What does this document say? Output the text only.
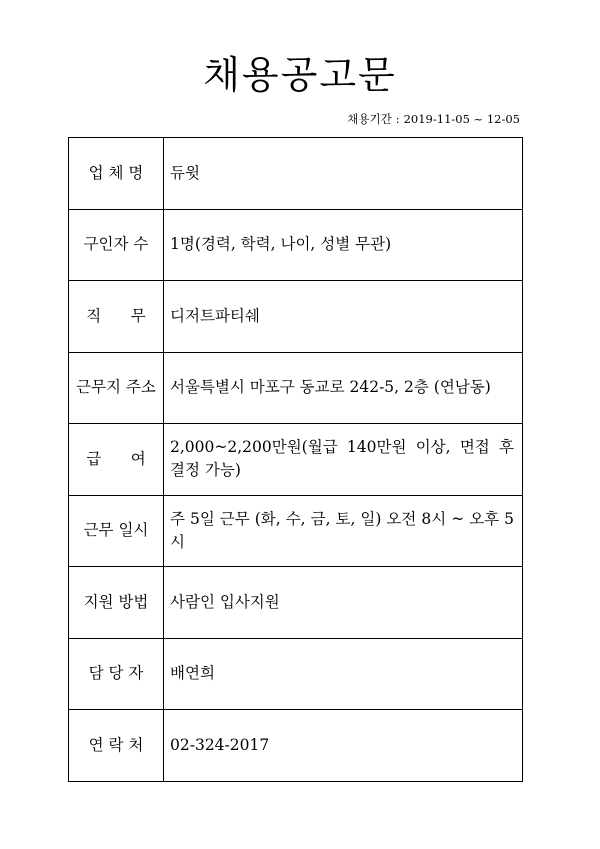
채용공고문
채용기간 : 2019-11-05 ~ 12-05
업 체 명	듀윗

구인자 수	1명(경력, 학력, 나이, 성별 무관)

직      무	디저트파티쉐

근무지 주소	서울특별시 마포구 동교로 242-5, 2층 (연남동)

급      여	2,000~2,200만원(월급 140만원 이상, 면접 후 결정 가능)

근무 일시	주 5일 근무 (화, 수, 금, 토, 일) 오전 8시 ~ 오후 5시

지원 방법	사람인 입사지원

담 당 자	배연희

연 락 처	02-324-2017
